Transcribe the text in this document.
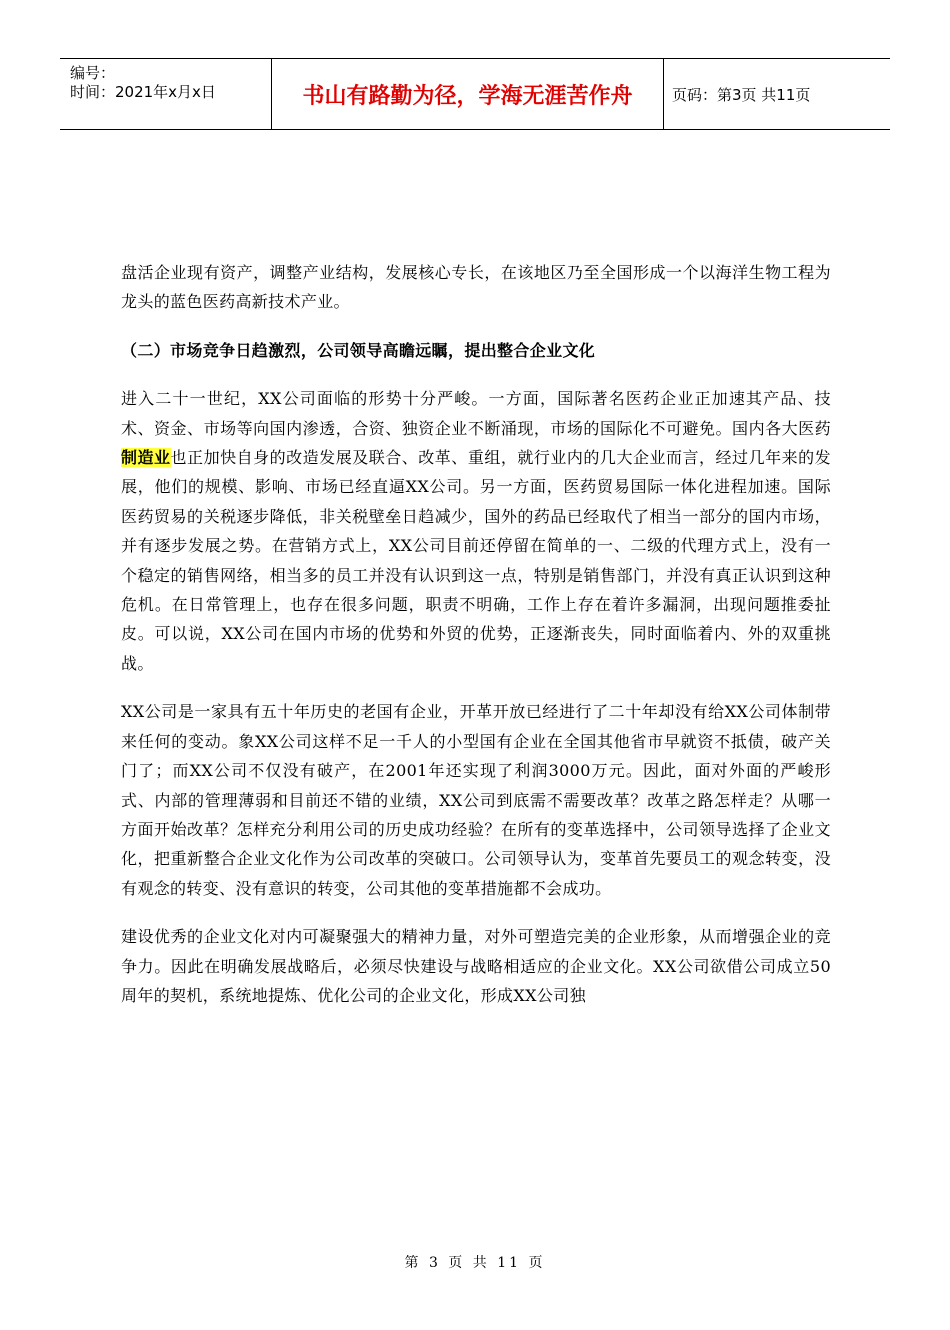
编号：
时间：2021年x月x日	书山有路勤为径，学海无涯苦作舟	页码：第3页 共11页

盘活企业现有资产，调整产业结构，发展核心专长，在该地区乃至全国形成一个以海洋生物工程为龙头的蓝色医药高新技术产业。

（二）市场竞争日趋激烈，公司领导高瞻远瞩，提出整合企业文化

进入二十一世纪，XX公司面临的形势十分严峻。一方面，国际著名医药企业正加速其产品、技术、资金、市场等向国内渗透，合资、独资企业不断涌现，市场的国际化不可避免。国内各大医药制造业也正加快自身的改造发展及联合、改革、重组，就行业内的几大企业而言，经过几年来的发展，他们的规模、影响、市场已经直逼XX公司。另一方面，医药贸易国际一体化进程加速。国际医药贸易的关税逐步降低，非关税壁垒日趋减少，国外的药品已经取代了相当一部分的国内市场，并有逐步发展之势。在营销方式上，XX公司目前还停留在简单的一、二级的代理方式上，没有一个稳定的销售网络，相当多的员工并没有认识到这一点，特别是销售部门，并没有真正认识到这种危机。在日常管理上，也存在很多问题，职责不明确，工作上存在着许多漏洞，出现问题推委扯皮。可以说，XX公司在国内市场的优势和外贸的优势，正逐渐丧失，同时面临着内、外的双重挑战。

XX公司是一家具有五十年历史的老国有企业，开革开放已经进行了二十年却没有给XX公司体制带来任何的变动。象XX公司这样不足一千人的小型国有企业在全国其他省市早就资不抵债，破产关门了；而XX公司不仅没有破产，在2001年还实现了利润3000万元。因此，面对外面的严峻形式、内部的管理薄弱和目前还不错的业绩，XX公司到底需不需要改革？改革之路怎样走？从哪一方面开始改革？怎样充分利用公司的历史成功经验？在所有的变革选择中，公司领导选择了企业文化，把重新整合企业文化作为公司改革的突破口。公司领导认为，变革首先要员工的观念转变，没有观念的转变、没有意识的转变，公司其他的变革措施都不会成功。

建设优秀的企业文化对内可凝聚强大的精神力量，对外可塑造完美的企业形象，从而增强企业的竞争力。因此在明确发展战略后，必须尽快建设与战略相适应的企业文化。XX公司欲借公司成立50周年的契机，系统地提炼、优化公司的企业文化，形成XX公司独

第 3 页 共 11 页
